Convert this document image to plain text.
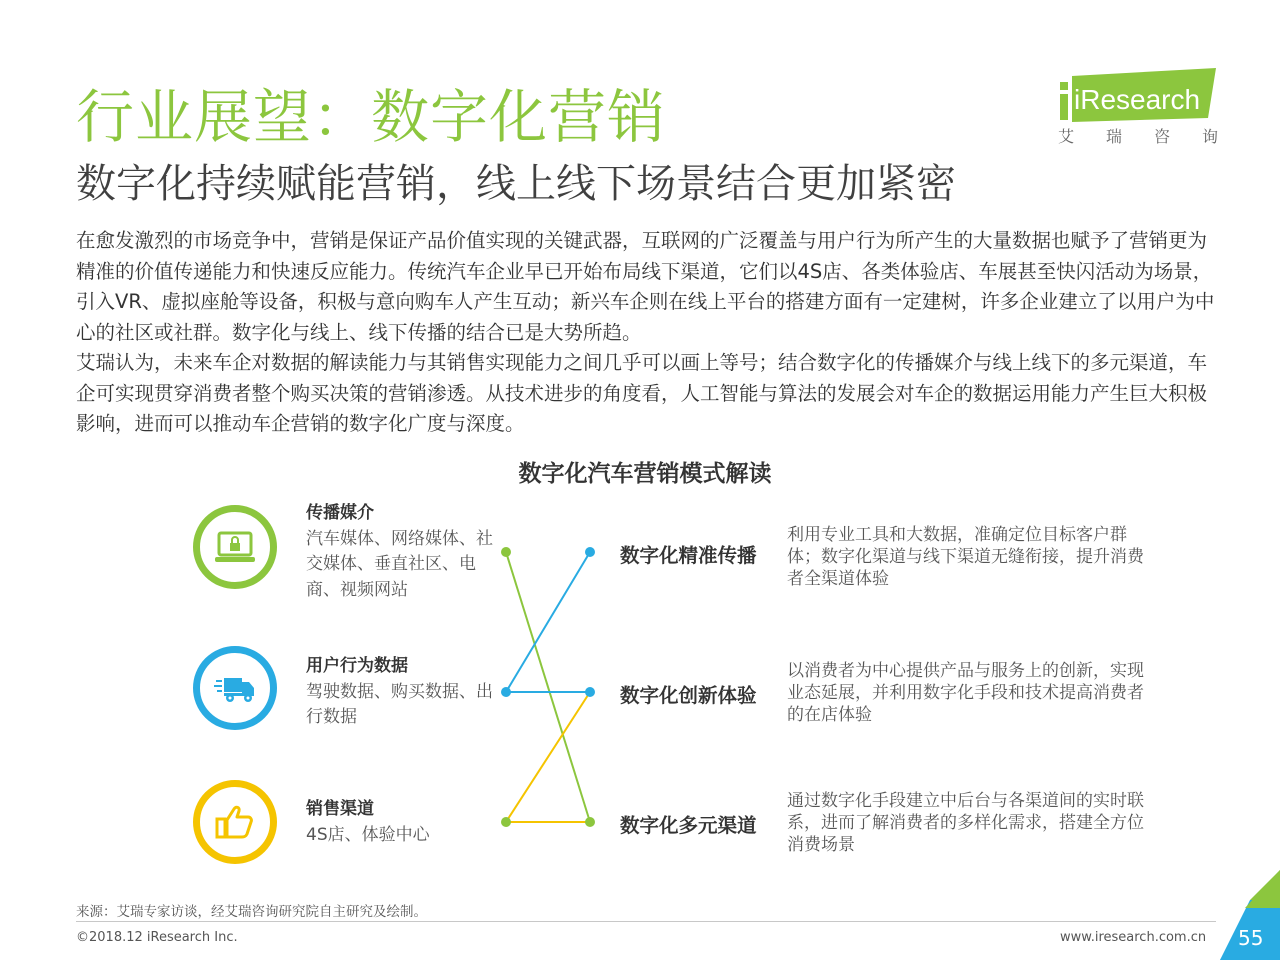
行业展望：数字化营销
数字化持续赋能营销，线上线下场景结合更加紧密
iResearch
艾 瑞 咨 询

在愈发激烈的市场竞争中，营销是保证产品价值实现的关键武器，互联网的广泛覆盖与用户行为所产生的大量数据也赋予了营销更为精准的价值传递能力和快速反应能力。传统汽车企业早已开始布局线下渠道，它们以4S店、各类体验店、车展甚至快闪活动为场景，引入VR、虚拟座舱等设备，积极与意向购车人产生互动；新兴车企则在线上平台的搭建方面有一定建树，许多企业建立了以用户为中心的社区或社群。数字化与线上、线下传播的结合已是大势所趋。

艾瑞认为，未来车企对数据的解读能力与其销售实现能力之间几乎可以画上等号；结合数字化的传播媒介与线上线下的多元渠道，车企可实现贯穿消费者整个购买决策的营销渗透。从技术进步的角度看，人工智能与算法的发展会对车企的数据运用能力产生巨大积极影响，进而可以推动车企营销的数字化广度与深度。

数字化汽车营销模式解读
传播媒介
汽车媒体、网络媒体、社交媒体、垂直社区、电商、视频网站
用户行为数据
驾驶数据、购买数据、出行数据
销售渠道
4S店、体验中心
数字化精准传播
数字化创新体验
数字化多元渠道
利用专业工具和大数据，准确定位目标客户群体；数字化渠道与线下渠道无缝衔接，提升消费者全渠道体验
以消费者为中心提供产品与服务上的创新，实现业态延展，并利用数字化手段和技术提高消费者的在店体验
通过数字化手段建立中后台与各渠道间的实时联系，进而了解消费者的多样化需求，搭建全方位消费场景
来源：艾瑞专家访谈，经艾瑞咨询研究院自主研究及绘制。
©2018.12 iResearch Inc.	www.iresearch.com.cn 55
